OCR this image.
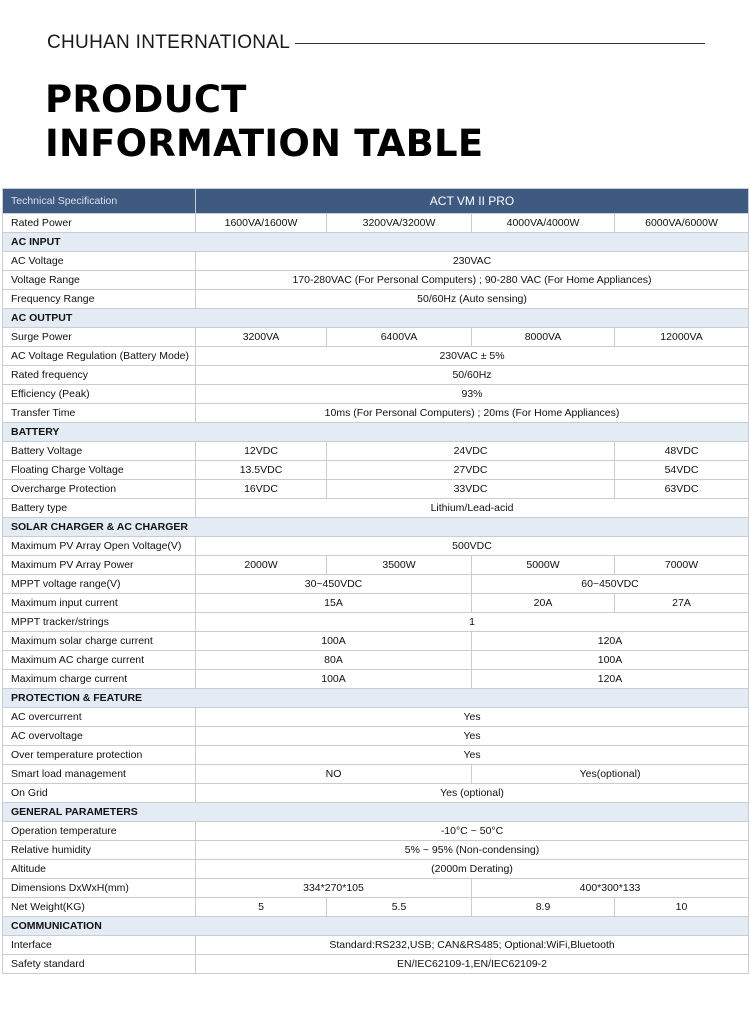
CHUHAN INTERNATIONAL
PRODUCT
INFORMATION TABLE
Technical Specification	ACT VM II PRO			
Rated Power	1600VA/1600W	3200VA/3200W	4000VA/4000W	6000VA/6000W
AC INPUT				
AC Voltage	230VAC			
Voltage Range	170-280VAC (For Personal Computers) ; 90-280 VAC (For Home Appliances)			
Frequency Range	50/60Hz (Auto sensing)			
AC OUTPUT				
Surge Power	3200VA	6400VA	8000VA	12000VA
AC Voltage Regulation (Battery Mode)	230VAC ± 5%			
Rated frequency	50/60Hz			
Efficiency (Peak)	93%			
Transfer Time	10ms (For Personal Computers) ; 20ms (For Home Appliances)			
BATTERY				
Battery Voltage	12VDC	24VDC		48VDC
Floating Charge Voltage	13.5VDC	27VDC		54VDC
Overcharge Protection	16VDC	33VDC		63VDC
Battery type	Lithium/Lead-acid			
SOLAR CHARGER & AC CHARGER				
Maximum PV Array Open Voltage(V)	500VDC			
Maximum PV Array Power	2000W	3500W	5000W	7000W
MPPT voltage range(V)	30~450VDC		60~450VDC	
Maximum input current	15A		20A	27A
MPPT tracker/strings	1			
Maximum solar charge current	100A		120A	
Maximum AC charge current	80A		100A	
Maximum charge current	100A		120A	
PROTECTION & FEATURE				
AC overcurrent	Yes			
AC overvoltage	Yes			
Over temperature protection	Yes			
Smart load management	NO		Yes(optional)	
On Grid	Yes (optional)			
GENERAL PARAMETERS				
Operation temperature	-10°C ~ 50°C			
Relative humidity	5% ~ 95% (Non-condensing)			
Altitude	(2000m Derating)			
Dimensions DxWxH(mm)	334*270*105		400*300*133	
Net Weight(KG)	5	5.5	8.9	10
COMMUNICATION				
Interface	Standard:RS232,USB; CAN&RS485; Optional:WiFi,Bluetooth			
Safety standard	EN/IEC62109-1,EN/IEC62109-2			
